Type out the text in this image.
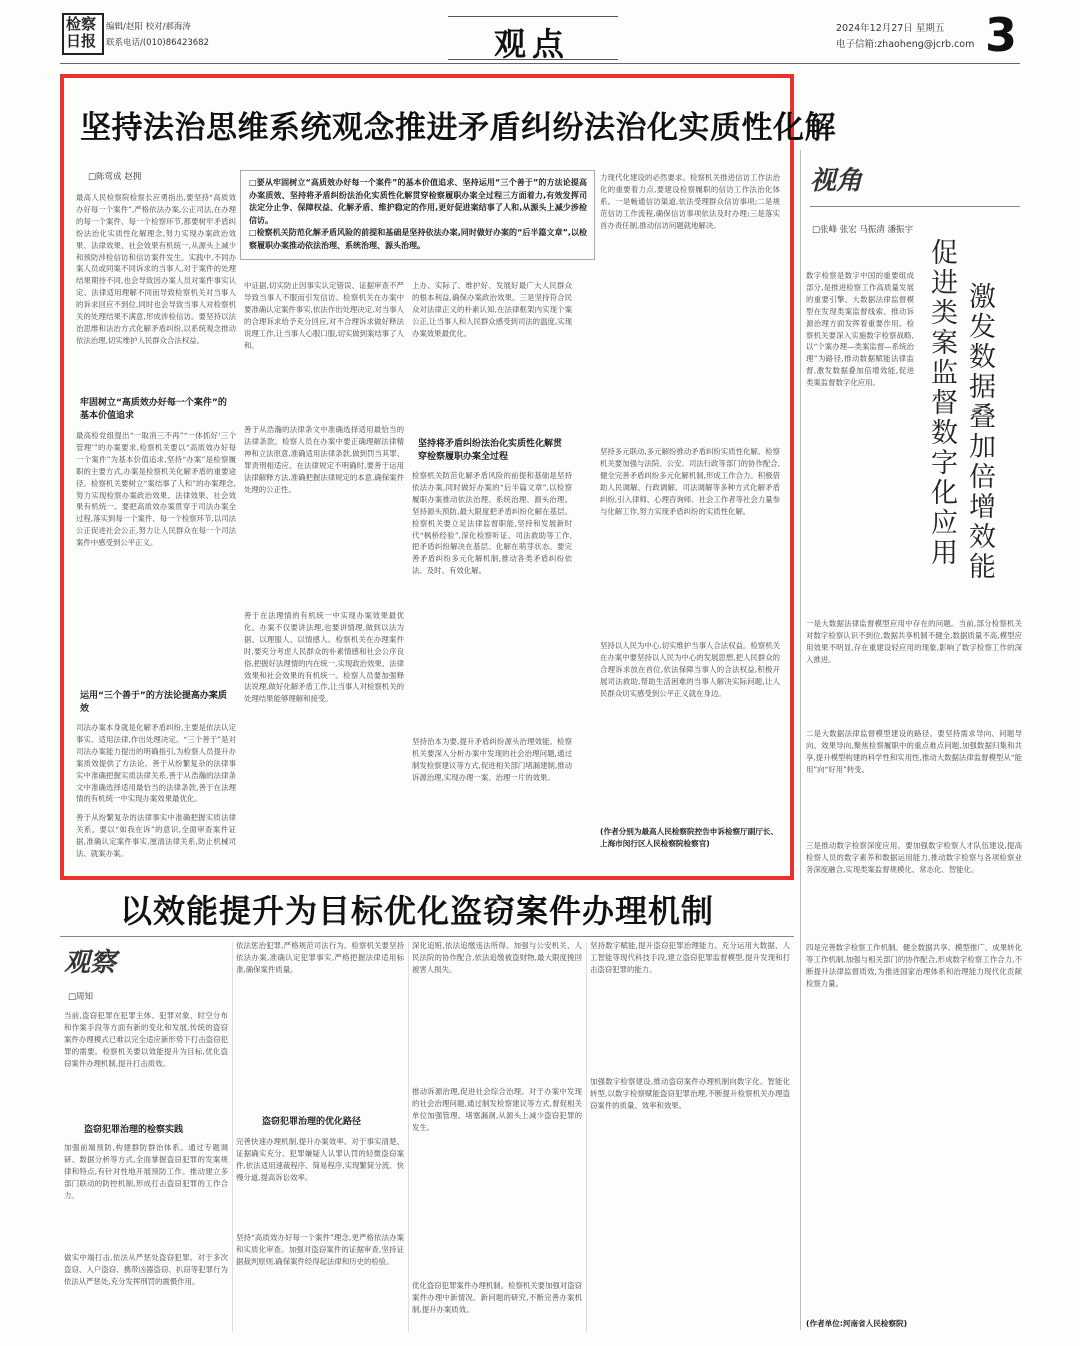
检察日报
编辑/赵阳 校对/郝海涛
联系电话/(010)86423682	观点	2024年12月27日 星期五
电子信箱:zhaoheng@jcrb.com 3
坚持法治思维系统观念推进矛盾纠纷法治化实质性化解
□陈莺成 赵拥
□要从牢固树立“高质效办好每一个案件”的基本价值追求、坚持运用“三个善于”的方法论提高办案质效、坚持将矛盾纠纷法治化实质性化解贯穿检察履职办案全过程三方面着力,有效发挥司法定分止争、保障权益、化解矛盾、维护稳定的作用,更好促进案结事了人和,从源头上减少涉检信访。
□检察机关防范化解矛盾风险的前提和基础是坚持依法办案,同时做好办案的“后半篇文章”,以检察履职办案推动依法治理、系统治理、源头治理。
最高人民检察院检察长应勇指出,要坚持“高质效办好每一个案件”,严格依法办案,公正司法,在办理的每一个案件、每一个检察环节,都要树牢矛盾纠纷法治化实质性化解理念,努力实现办案政治效果、法律效果、社会效果有机统一,从源头上减少和预防涉检信访和信访案件发生。实践中,不同办案人员或同案不同诉求的当事人,对于案件的处理结果期待不同,也会导致因办案人员对案件事实认定、法律适用理解不同而导致检察机关对当事人的诉求回应不到位,同时也会导致当事人对检察机关的处理结果不满意,形成涉检信访。要坚持以法治思维和法治方式化解矛盾纠纷,以系统观念推动依法治理,切实维护人民群众合法权益。
牢固树立“高质效办好每一个案件”的基本价值追求
最高检党组提出“一取消三不再”“一体抓好‘三个管理’”的办案要求,检察机关要以“高质效办好每一个案件”为基本价值追求,坚持“办案”是检察履职的主要方式,办案是检察机关化解矛盾的重要途径。检察机关要树立“案结事了人和”的办案理念,努力实现检察办案政治效果、法律效果、社会效果有机统一。要把高质效办案贯穿于司法办案全过程,落实到每一个案件、每一个检察环节,以司法公正促进社会公正,努力让人民群众在每一个司法案件中感受到公平正义。
运用“三个善于”的方法论提高办案质效
司法办案本身就是化解矛盾纠纷,主要是依法认定事实、适用法律,作出处理决定。“三个善于”是对司法办案能力提出的明确指引,为检察人员提升办案质效提供了方法论。善于从纷繁复杂的法律事实中准确把握实质法律关系,善于从浩瀚的法律条文中准确选择适用最恰当的法律条款,善于在法理情的有机统一中实现办案效果最优化。
善于从纷繁复杂的法律事实中准确把握实质法律关系。要以“如我在诉”的意识,全面审查案件证据,准确认定案件事实,厘清法律关系,防止机械司法、就案办案。
中证据,切实防止因事实认定错误、证据审查不严导致当事人不服而引发信访。检察机关在办案中要准确认定案件事实,依法作出处理决定,对当事人的合理诉求给予充分回应,对不合理诉求做好释法说理工作,让当事人心服口服,切实做到案结事了人和。
善于从浩瀚的法律条文中准确选择适用最恰当的法律条款。检察人员在办案中要正确理解法律精神和立法原意,准确适用法律条款,做到罚当其罪、罪责刑相适应。在法律规定不明确时,要善于运用法律解释方法,准确把握法律规定的本意,确保案件处理的公正性。
善于在法理情的有机统一中实现办案效果最优化。办案不仅要讲法理,也要讲情理,做到以法为据、以理服人、以情感人。检察机关在办理案件时,要充分考虑人民群众的朴素情感和社会公序良俗,把握好法理情的内在统一,实现政治效果、法律效果和社会效果的有机统一。检察人员要加强释法说理,做好化解矛盾工作,让当事人对检察机关的处理结果能够理解和接受。
上办、实际了、维护好、发展好最广大人民群众的根本利益,确保办案政治效果。三是坚持符合民众对法律正义的朴素认知,在法律框架内实现个案公正,让当事人和人民群众感受到司法的温度,实现办案效果最优化。
坚持将矛盾纠纷法治化实质性化解贯穿检察履职办案全过程
检察机关防范化解矛盾风险的前提和基础是坚持依法办案,同时做好办案的“后半篇文章”,以检察履职办案推动依法治理、系统治理、源头治理。坚持源头预防,最大限度把矛盾纠纷化解在基层。检察机关要立足法律监督职能,坚持和发展新时代“枫桥经验”,深化检察听证、司法救助等工作,把矛盾纠纷解决在基层、化解在萌芽状态。要完善矛盾纠纷多元化解机制,推动各类矛盾纠纷依法、及时、有效化解。
坚持治本为要,提升矛盾纠纷源头治理效能。检察机关要深入分析办案中发现的社会治理问题,通过制发检察建议等方式,促进相关部门堵漏建制,推动诉源治理,实现办理一案、治理一片的效果。
力现代化建设的必然要求。检察机关推进信访工作法治化的重要着力点,要建设检察履职的信访工作法治化体系。一是畅通信访渠道,依法受理群众信访事项;二是规范信访工作流程,确保信访事项依法及时办理;三是落实首办责任制,推动信访问题就地解决。
坚持多元联动,多元解纷推动矛盾纠纷实质性化解。检察机关要加强与法院、公安、司法行政等部门的协作配合,健全完善矛盾纠纷多元化解机制,形成工作合力。积极借助人民调解、行政调解、司法调解等多种方式化解矛盾纠纷,引入律师、心理咨询师、社会工作者等社会力量参与化解工作,努力实现矛盾纠纷的实质性化解。
坚持以人民为中心,切实维护当事人合法权益。检察机关在办案中要坚持以人民为中心的发展思想,把人民群众的合理诉求放在首位,依法保障当事人的合法权益,积极开展司法救助,帮助生活困难的当事人解决实际问题,让人民群众切实感受到公平正义就在身边。
(作者分别为最高人民检察院控告申诉检察厅副厅长、上海市闵行区人民检察院检察官)
视角
□张峰 张宏 马振清 潘振宇
激发数据叠加倍增效能
促进类案监督数字化应用
数字检察是数字中国的重要组成部分,是推进检察工作高质量发展的重要引擎。大数据法律监督模型在发现类案监督线索、推动诉源治理方面发挥着重要作用。检察机关要深入实施数字检察战略,以“个案办理—类案监督—系统治理”为路径,推动数据赋能法律监督,激发数据叠加倍增效能,促进类案监督数字化应用。
一是大数据法律监督模型应用中存在的问题。当前,部分检察机关对数字检察认识不到位,数据共享机制不健全,数据质量不高,模型应用效果不明显,存在重建设轻应用的现象,影响了数字检察工作的深入推进。
二是大数据法律监督模型建设的路径。要坚持需求导向、问题导向、效果导向,聚焦检察履职中的重点难点问题,加强数据归集和共享,提升模型构建的科学性和实用性,推动大数据法律监督模型从“能用”向“好用”转变。
三是推动数字检察深度应用。要加强数字检察人才队伍建设,提高检察人员的数字素养和数据运用能力,推动数字检察与各项检察业务深度融合,实现类案监督规模化、常态化、智能化。
四是完善数字检察工作机制。健全数据共享、模型推广、成果转化等工作机制,加强与相关部门的协作配合,形成数字检察工作合力,不断提升法律监督质效,为推进国家治理体系和治理能力现代化贡献检察力量。
(作者单位:河南省人民检察院)
以效能提升为目标优化盗窃案件办理机制
观察
□周知
当前,盗窃犯罪在犯罪主体、犯罪对象、时空分布和作案手段等方面有新的变化和发展,传统的盗窃案件办理模式已难以完全适应新形势下打击盗窃犯罪的需要。检察机关要以效能提升为目标,优化盗窃案件办理机制,提升打击质效。
盗窃犯罪治理的检察实践
加强前端预防,构建群防群治体系。通过专题调研、数据分析等方式,全面掌握盗窃犯罪的发案规律和特点,有针对性地开展预防工作。推动建立多部门联动的防控机制,形成打击盗窃犯罪的工作合力。
做实中端打击,依法从严惩处盗窃犯罪。对于多次盗窃、入户盗窃、携带凶器盗窃、扒窃等犯罪行为依法从严惩处,充分发挥刑罚的震慑作用。
依法惩治犯罪,严格规范司法行为。检察机关要坚持依法办案,准确认定犯罪事实,严格把握法律适用标准,确保案件质量。
盗窃犯罪治理的优化路径
完善快速办理机制,提升办案效率。对于事实清楚、证据确实充分、犯罪嫌疑人认罪认罚的轻微盗窃案件,依法适用速裁程序、简易程序,实现繁简分流、快慢分道,提高诉讼效率。
坚持“高质效办好每一个案件”理念,更严格依法办案和实质化审查。加强对盗窃案件的证据审查,坚持证据裁判原则,确保案件经得起法律和历史的检验。
深化追赃,依法追缴违法所得。加强与公安机关、人民法院的协作配合,依法追缴被盗财物,最大限度挽回被害人损失。
推动诉源治理,促进社会综合治理。对于办案中发现的社会治理问题,通过制发检察建议等方式,督促相关单位加强管理、堵塞漏洞,从源头上减少盗窃犯罪的发生。
优化盗窃犯罪案件办理机制。检察机关要加强对盗窃案件办理中新情况、新问题的研究,不断完善办案机制,提升办案质效。
坚持数字赋能,提升盗窃犯罪治理能力。充分运用大数据、人工智能等现代科技手段,建立盗窃犯罪监督模型,提升发现和打击盗窃犯罪的能力。
加强数字检察建设,推动盗窃案件办理机制向数字化、智能化转型,以数字检察赋能盗窃犯罪治理,不断提升检察机关办理盗窃案件的质量、效率和效果。
